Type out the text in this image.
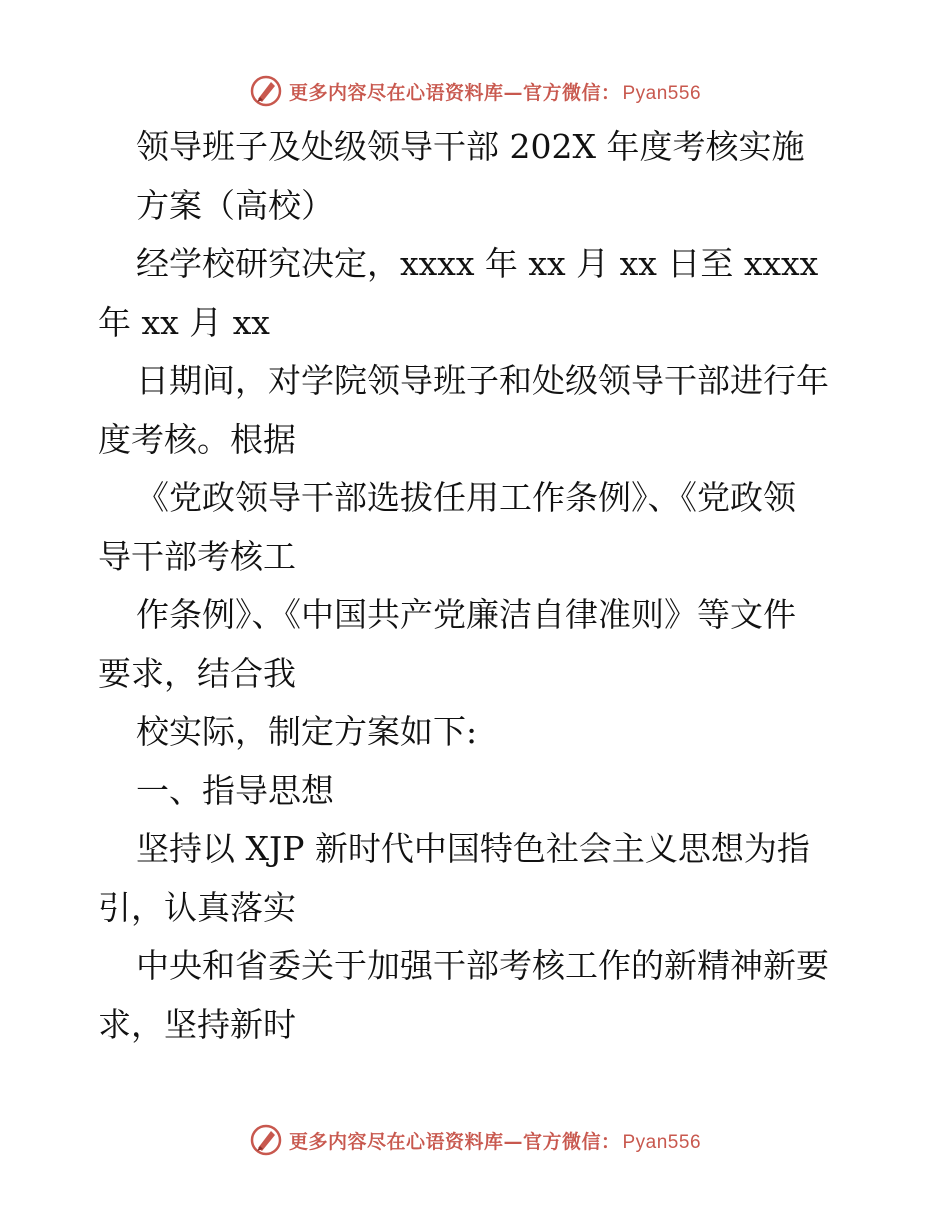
更多内容尽在心语资料库—官方微信： Pyan556
领导班子及处级领导干部 202X 年度考核实施
方案（高校）
经学校研究决定，xxxx 年 xx 月 xx 日至 xxxx
年 xx 月 xx
日期间，对学院领导班子和处级领导干部进行年
度考核。根据
《党政领导干部选拔任用工作条例》、《党政领
导干部考核工
作条例》、《中国共产党廉洁自律准则》等文件
要求，结合我
校实际，制定方案如下:
一、指导思想
坚持以 XJP 新时代中国特色社会主义思想为指
引，认真落实
中央和省委关于加强干部考核工作的新精神新要
求，坚持新时
更多内容尽在心语资料库—官方微信： Pyan556
